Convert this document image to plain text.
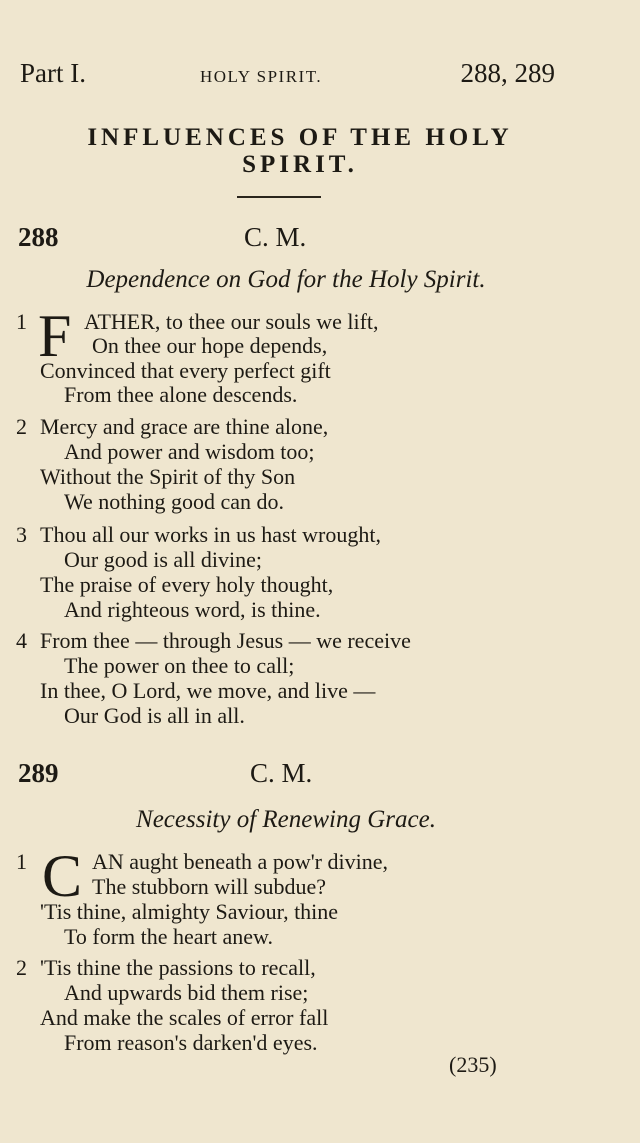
Part I.	HOLY SPIRIT.	288, 289
INFLUENCES OF THE HOLY
SPIRIT.
288	C. M.
Dependence on God for the Holy Spirit.
1 F ATHER, to thee our souls we lift,
On thee our hope depends,
Convinced that every perfect gift
From thee alone descends.
2 Mercy and grace are thine alone,
And power and wisdom too;
Without the Spirit of thy Son
We nothing good can do.
3 Thou all our works in us hast wrought,
Our good is all divine;
The praise of every holy thought,
And righteous word, is thine.
4 From thee — through Jesus — we receive
The power on thee to call;
In thee, O Lord, we move, and live —
Our God is all in all.
289	C. M.
Necessity of Renewing Grace.
1 C AN aught beneath a pow'r divine,
The stubborn will subdue?
'Tis thine, almighty Saviour, thine
To form the heart anew.
2 'Tis thine the passions to recall,
And upwards bid them rise;
And make the scales of error fall
From reason's darken'd eyes.
(235)
